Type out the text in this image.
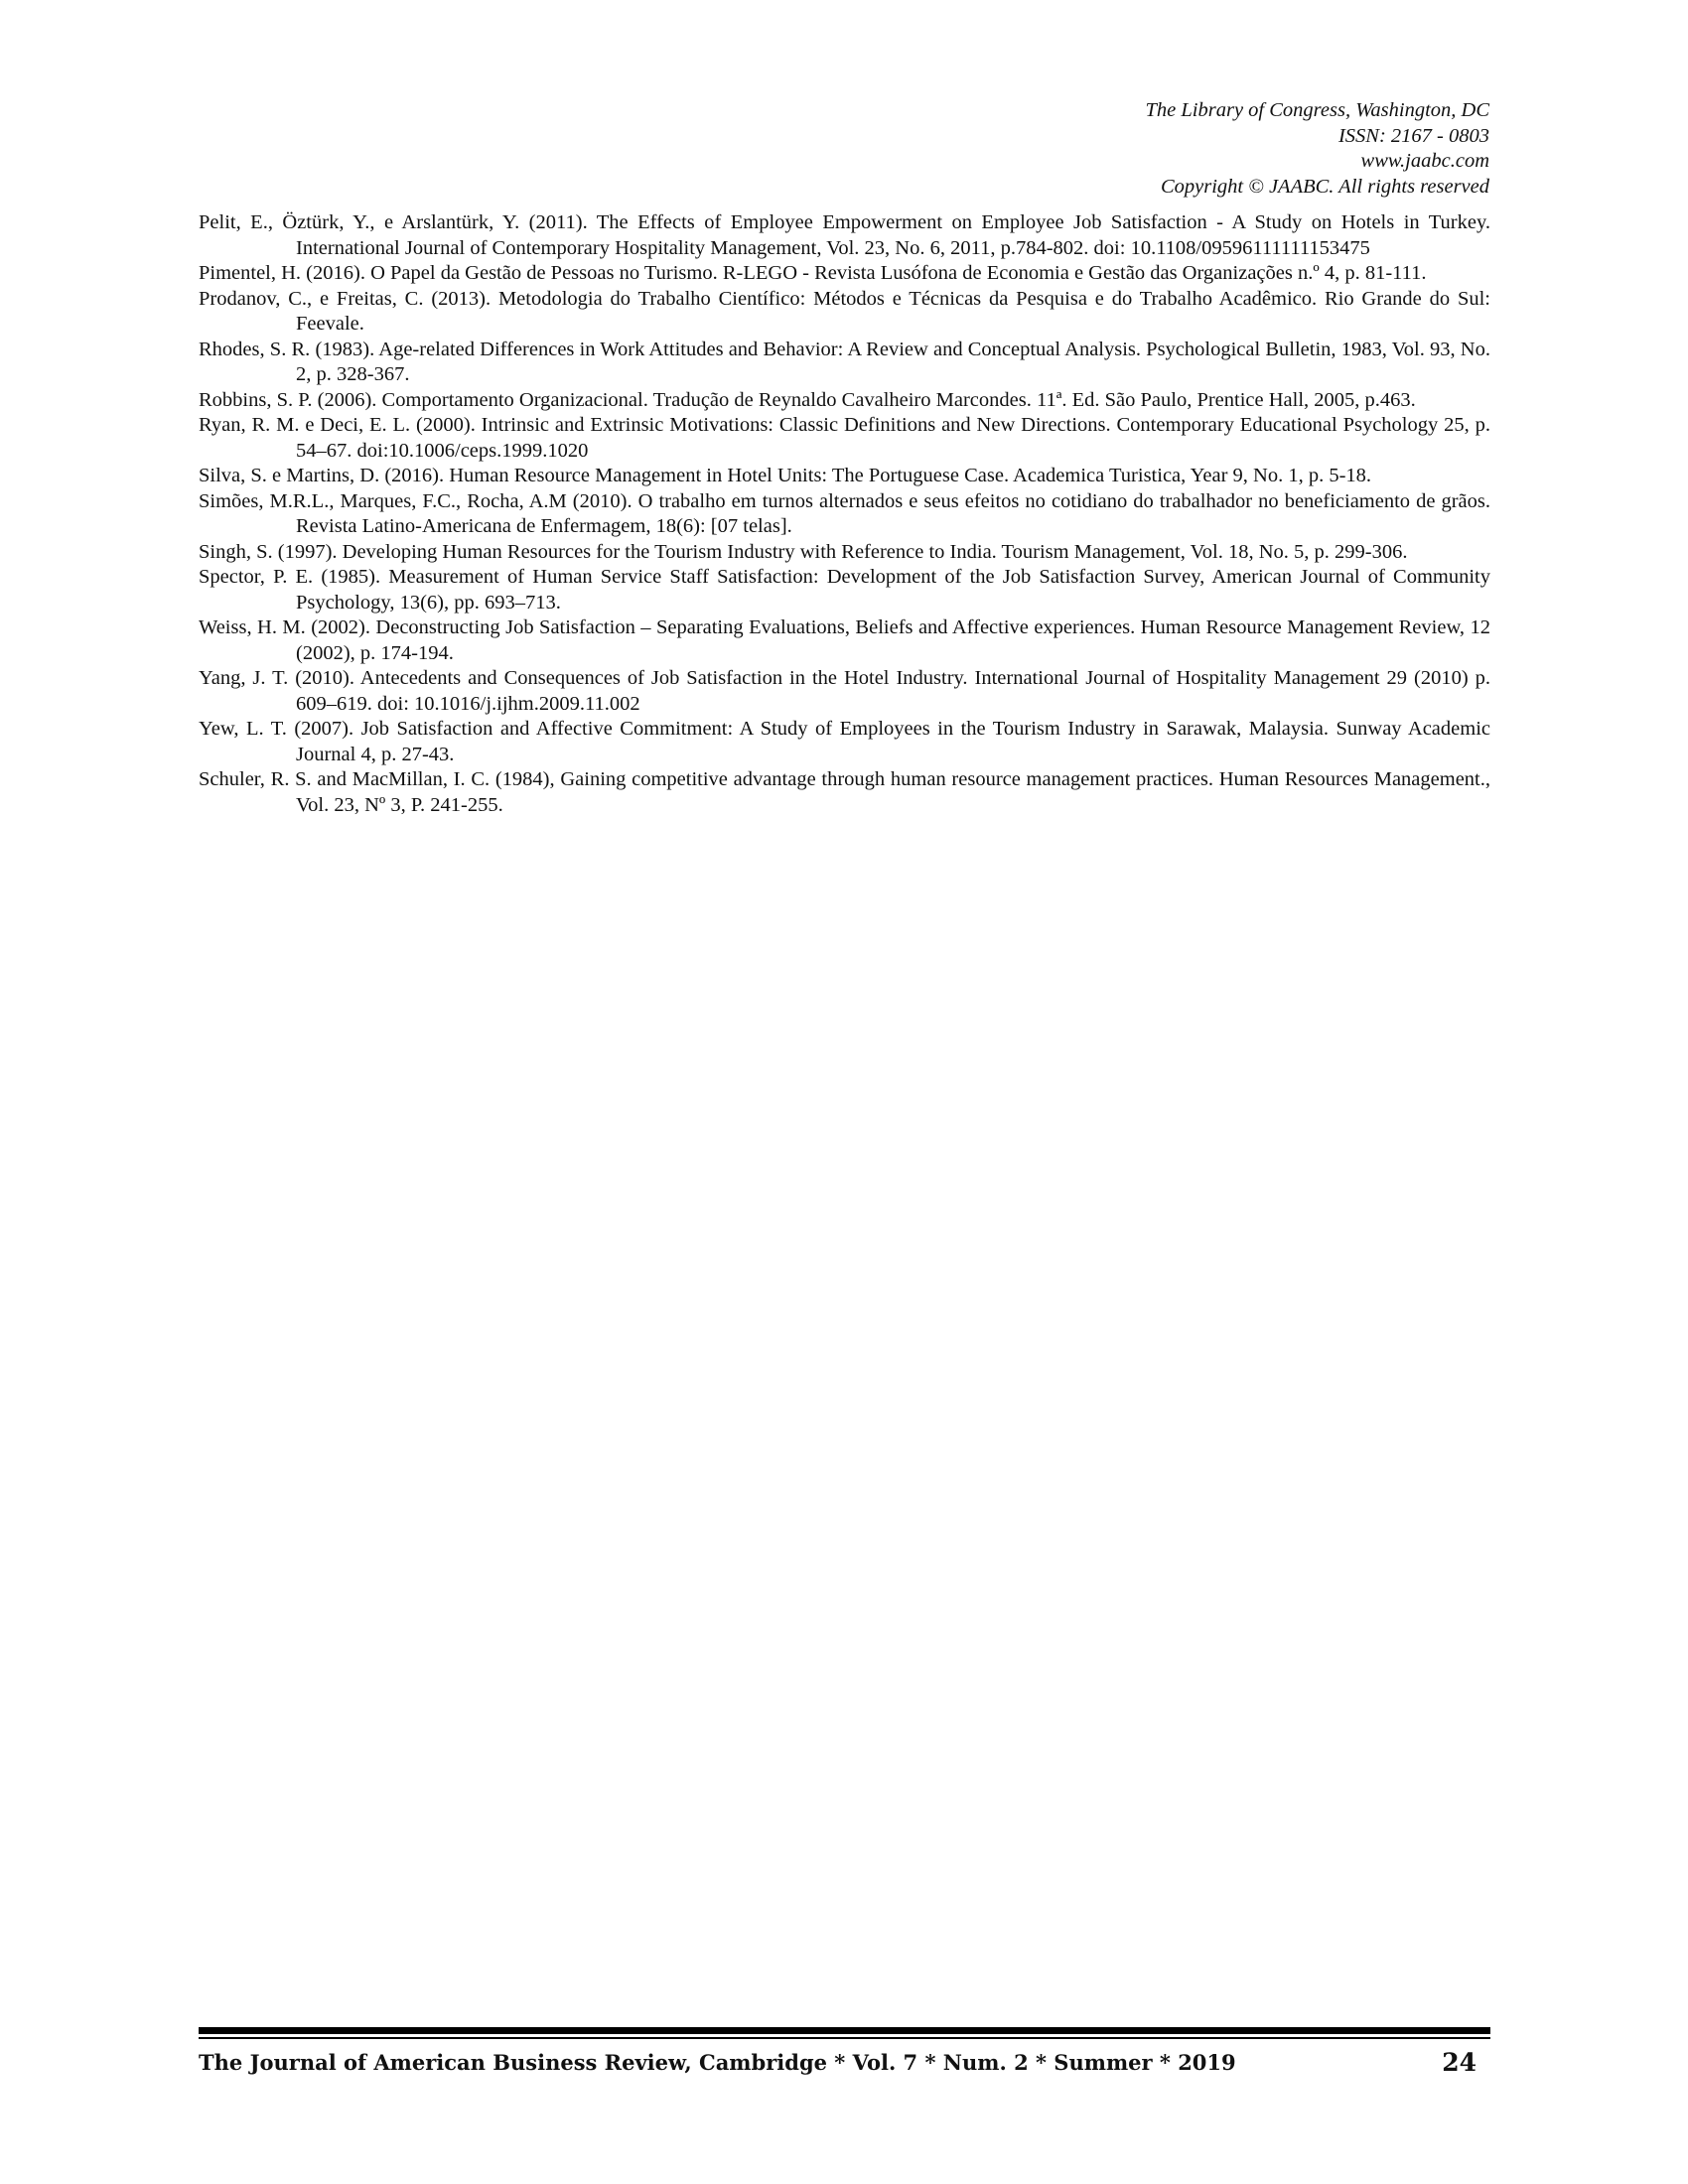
The Library of Congress, Washington, DC
ISSN: 2167 - 0803
www.jaabc.com
Copyright © JAABC. All rights reserved

Pelit, E., Öztürk, Y., e Arslantürk, Y. (2011). The Effects of Employee Empowerment on Employee Job Satisfaction - A Study on Hotels in Turkey. International Journal of Contemporary Hospitality Management, Vol. 23, No. 6, 2011, p.784-802. doi: 10.1108/09596111111153475

Pimentel, H. (2016). O Papel da Gestão de Pessoas no Turismo. R-LEGO - Revista Lusófona de Economia e Gestão das Organizações n.º 4, p. 81-111.

Prodanov, C., e Freitas, C. (2013). Metodologia do Trabalho Científico: Métodos e Técnicas da Pesquisa e do Trabalho Acadêmico. Rio Grande do Sul: Feevale.

Rhodes, S. R. (1983). Age-related Differences in Work Attitudes and Behavior: A Review and Conceptual Analysis. Psychological Bulletin, 1983, Vol. 93, No. 2, p. 328-367.

Robbins, S. P. (2006). Comportamento Organizacional. Tradução de Reynaldo Cavalheiro Marcondes. 11ª. Ed. São Paulo, Prentice Hall, 2005, p.463.

Ryan, R. M. e Deci, E. L. (2000). Intrinsic and Extrinsic Motivations: Classic Definitions and New Directions. Contemporary Educational Psychology 25, p. 54–67. doi:10.1006/ceps.1999.1020

Silva, S. e Martins, D. (2016). Human Resource Management in Hotel Units: The Portuguese Case. Academica Turistica, Year 9, No. 1, p. 5-18.

Simões, M.R.L., Marques, F.C., Rocha, A.M (2010). O trabalho em turnos alternados e seus efeitos no cotidiano do trabalhador no beneficiamento de grãos. Revista Latino-Americana de Enfermagem, 18(6): [07 telas].

Singh, S. (1997). Developing Human Resources for the Tourism Industry with Reference to India. Tourism Management, Vol. 18, No. 5, p. 299-306.

Spector, P. E. (1985). Measurement of Human Service Staff Satisfaction: Development of the Job Satisfaction Survey, American Journal of Community Psychology, 13(6), pp. 693–713.

Weiss, H. M. (2002). Deconstructing Job Satisfaction – Separating Evaluations, Beliefs and Affective experiences. Human Resource Management Review, 12 (2002), p. 174-194.

Yang, J. T. (2010). Antecedents and Consequences of Job Satisfaction in the Hotel Industry. International Journal of Hospitality Management 29 (2010) p. 609–619. doi: 10.1016/j.ijhm.2009.11.002

Yew, L. T. (2007). Job Satisfaction and Affective Commitment: A Study of Employees in the Tourism Industry in Sarawak, Malaysia. Sunway Academic Journal 4, p. 27-43.

Schuler, R. S. and MacMillan, I. C. (1984), Gaining competitive advantage through human resource management practices. Human Resources Management., Vol. 23, Nº 3, P. 241-255.

The Journal of American Business Review, Cambridge * Vol. 7 * Num. 2 * Summer * 2019	24
